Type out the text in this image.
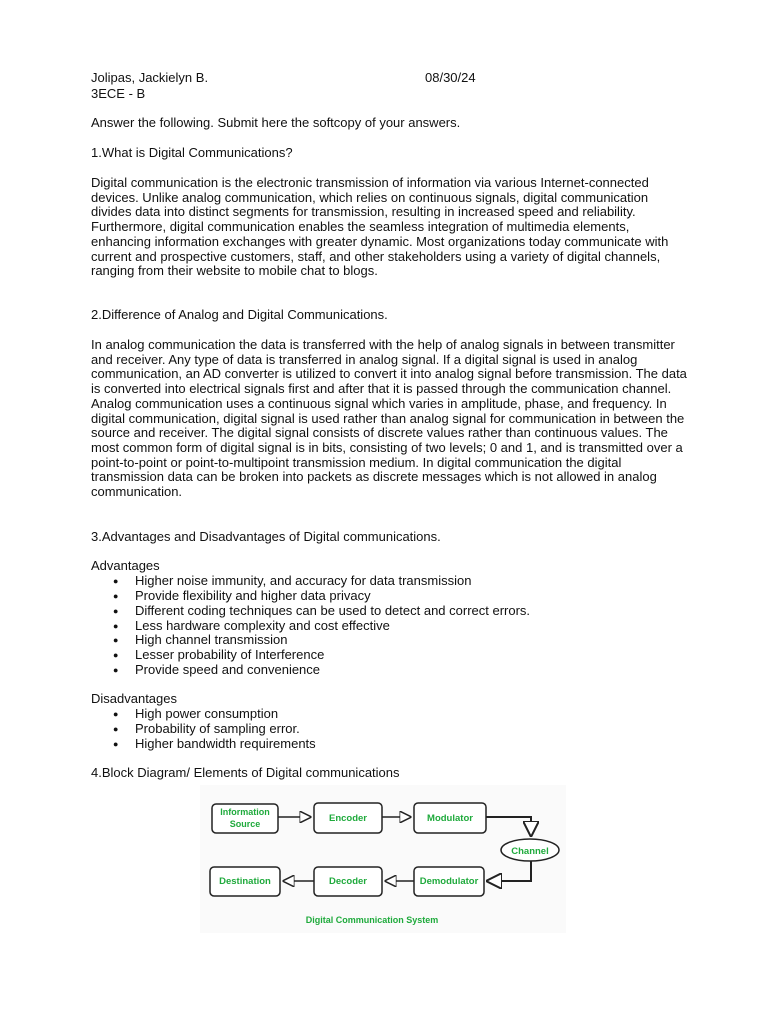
Jolipas, Jackielyn B.	08/30/24
3ECE - B
Answer the following. Submit here the softcopy of your answers.
1.What is Digital Communications?

Digital communication is the electronic transmission of information via various Internet-connected devices. Unlike analog communication, which relies on continuous signals, digital communication divides data into distinct segments for transmission, resulting in increased speed and reliability. Furthermore, digital communication enables the seamless integration of multimedia elements, enhancing information exchanges with greater dynamic. Most organizations today communicate with current and prospective customers, staff, and other stakeholders using a variety of digital channels, ranging from their website to mobile chat to blogs.

2.Difference of Analog and Digital Communications.

In analog communication the data is transferred with the help of analog signals in between transmitter and receiver. Any type of data is transferred in analog signal. If a digital signal is used in analog communication, an AD converter is utilized to convert it into analog signal before transmission. The data is converted into electrical signals first and after that it is passed through the communication channel. Analog communication uses a continuous signal which varies in amplitude, phase, and frequency. In digital communication, digital signal is used rather than analog signal for communication in between the source and receiver. The digital signal consists of discrete values rather than continuous values. The most common form of digital signal is in bits, consisting of two levels; 0 and 1, and is transmitted over a point-to-point or point-to-multipoint transmission medium. In digital communication the digital transmission data can be broken into packets as discrete messages which is not allowed in analog communication.

3.Advantages and Disadvantages of Digital communications.
Advantages
● Higher noise immunity, and accuracy for data transmission
● Provide flexibility and higher data privacy
● Different coding techniques can be used to detect and correct errors.
● Less hardware complexity and cost effective
● High channel transmission
● Lesser probability of Interference
● Provide speed and convenience
Disadvantages
● High power consumption
● Probability of sampling error.
● Higher bandwidth requirements
4.Block Diagram/ Elements of Digital communications
Information
Source	Encoder	Modulator
Channel
Demodulator
Decoder
Destination
Digital Communication System
